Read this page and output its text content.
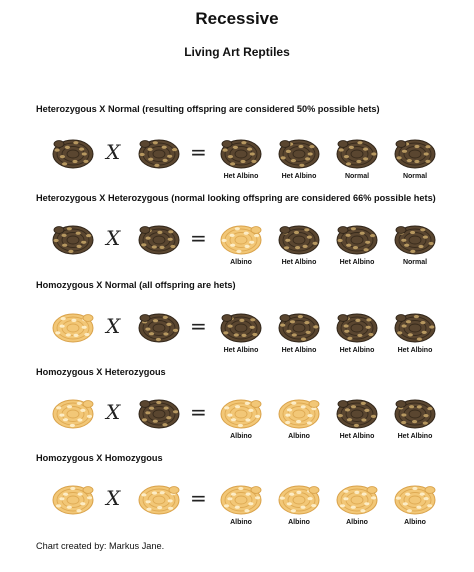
Recessive
Living Art Reptiles
Heterozygous X Normal (resulting offspring are considered 50% possible hets)
X	=
Het Albino	Het Albino	Normal	Normal
Heterozygous X Heterozygous (normal looking offspring are considered 66% possible hets)
X	=
Albino	Het Albino	Het Albino	Normal
Homozygous X Normal (all offspring are hets)
X	=
Het Albino	Het Albino	Het Albino	Het Albino
Homozygous X Heterozygous
X	=
Albino	Albino	Het Albino	Het Albino
Homozygous X Homozygous
X	=
Albino	Albino	Albino	Albino
Chart created by: Markus Jane.
